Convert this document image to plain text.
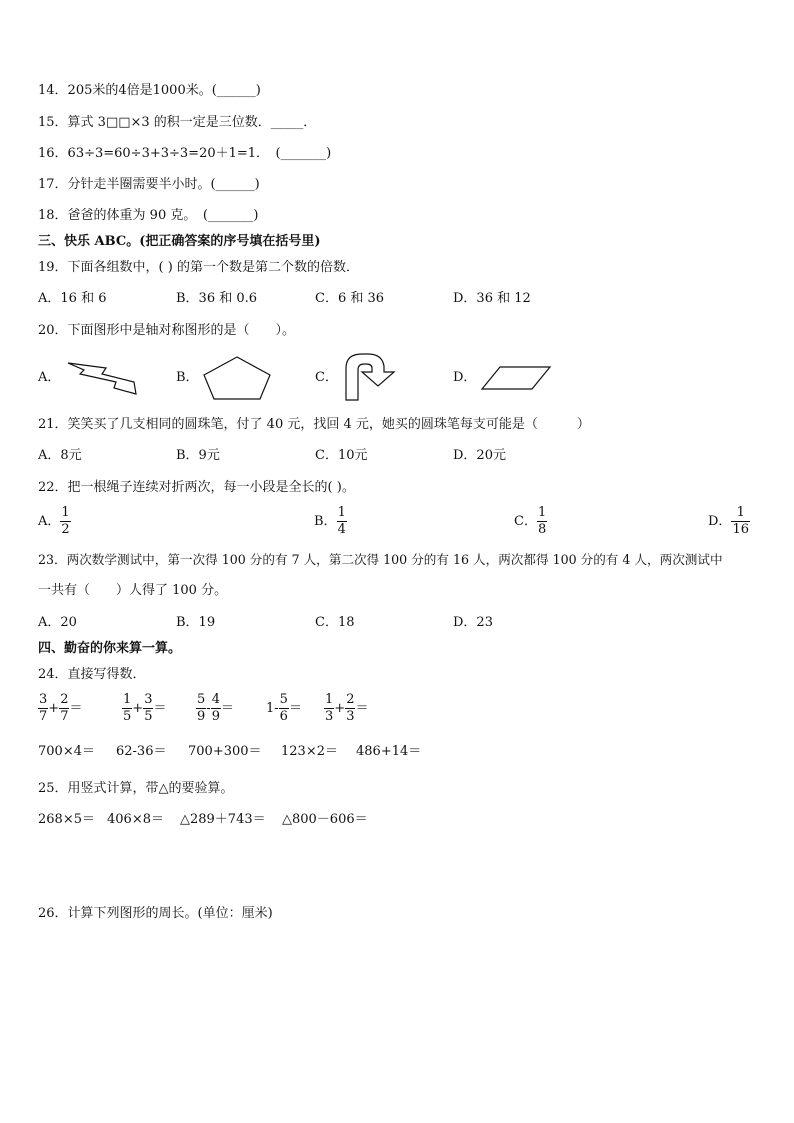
14．205米的4倍是1000米。(______)
15．算式 3□□×3 的积一定是三位数．_____．
16．63÷3=60÷3+3÷3=20＋1=1．　(_______)
17．分针走半圈需要半小时。(______)
18．爸爸的体重为 90 克。　(_______)
三、快乐 ABC。(把正确答案的序号填在括号里)
19．下面各组数中，( ) 的第一个数是第二个数的倍数．
A．16 和 6	B．36 和 0.6	C．6 和 36	D．36 和 12
20．下面图形中是轴对称图形的是（　　）。
A．	B．	C．	D．
21．笑笑买了几支相同的圆珠笔，付了 40 元，找回 4 元，她买的圆珠笔每支可能是（　　　）
A．8元	B．9元	C．10元	D．20元
22．把一根绳子连续对折两次，每一小段是全长的( )。
A． $\frac{1}{2}$	B． $\frac{1}{4}$	C． $\frac{1}{8}$	D． $\frac{1}{16}$
23．两次数学测试中，第一次得 100 分的有 7 人，第二次得 100 分的有 16 人，两次都得 100 分的有 4 人，两次测试中
一共有（　　）人得了 100 分。
A．20	B．19	C．18	D．23
四、勤奋的你来算一算。
24．直接写得数．
$\frac{3}{7} + \frac{2}{7}$ ＝	$\frac{1}{5} + \frac{3}{5} = \frac{5}{9} - \frac{4}{9} = 1- \frac{5}{6} = \frac{1}{3} + \frac{2}{3}$ ＝
700×4＝ 62-36＝ 700+300＝ 123×2＝ 486+14＝
25．用竖式计算，带△的要验算。
268×5＝ 406×8＝ △289＋743＝ △800－606＝
26．计算下列图形的周长。(单位：厘米)
